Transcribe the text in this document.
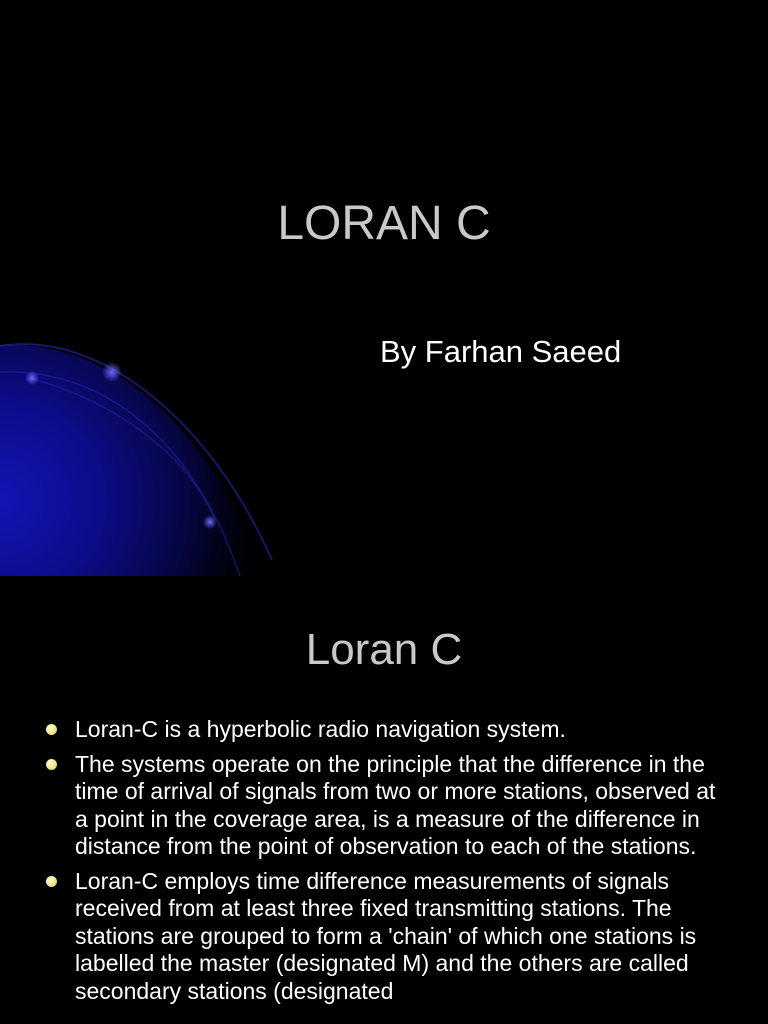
LORAN C
By Farhan Saeed
Loran C
Loran-C is a hyperbolic radio navigation system.
The systems operate on the principle that the difference in the time of arrival of signals from two or more stations, observed at a point in the coverage area, is a measure of the difference in distance from the point of observation to each of the stations.
Loran-C employs time difference measurements of signals received from at least three fixed transmitting stations. The stations are grouped to form a 'chain' of which one stations is labelled the master (designated M) and the others are called secondary stations (designated
